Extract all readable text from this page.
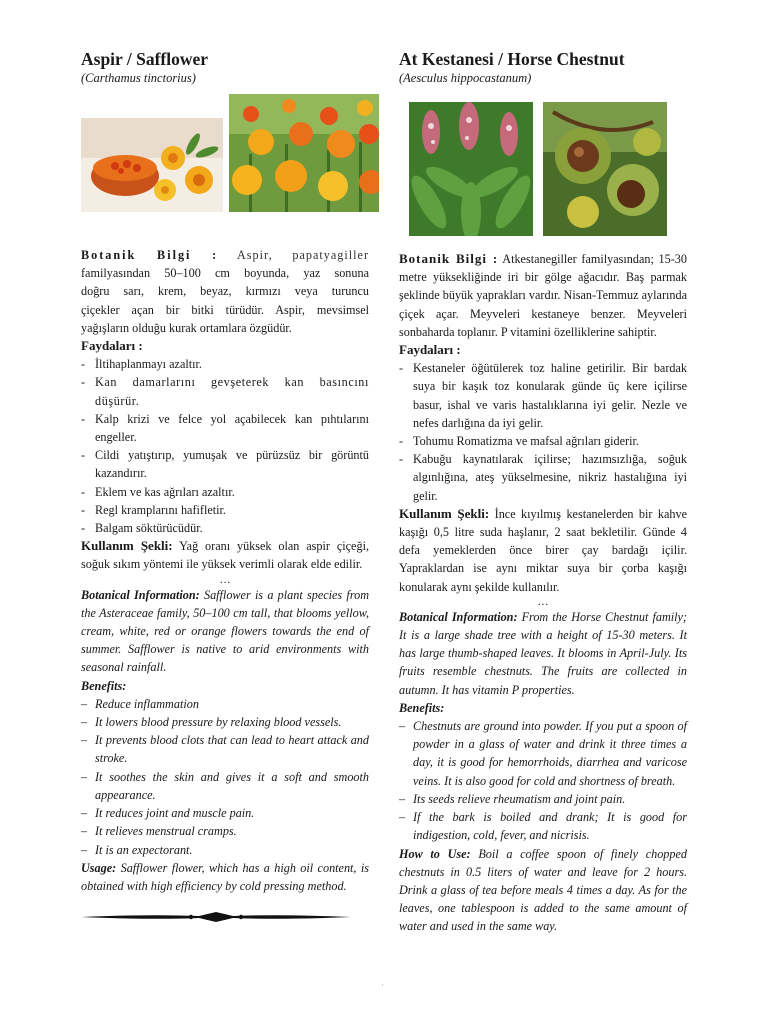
Aspir / Safflower

(Carthamus tinctorius)

Botanik Bilgi : Aspir, papatyagiller

familyasından 50–100 cm boyunda, yaz sonuna

doğru sarı, krem, beyaz, kırmızı veya turuncu

çiçekler açan bir bitki türüdür. Aspir, mevsimsel

yağışların olduğu kurak ortamlara özgüdür.

Faydaları :

- İltihaplanmayı azaltır.
- Kan damarlarını gevşeterek kan basıncını düşürür.
- Kalp krizi ve felce yol açabilecek kan pıhtılarını engeller.
- Cildi yatıştırıp, yumuşak ve pürüzsüz bir görüntü kazandırır.
- Eklem ve kas ağrıları azaltır.
- Regl kramplarını hafifletir.
- Balgam söktürücüdür.

Kullanım Şekli: Yağ oranı yüksek olan aspir çiçeği, soğuk sıkım yöntemi ile yüksek verimli olarak elde edilir.

…

Botanical Information: Safflower is a plant species from the Asteraceae family, 50–100 cm tall, that blooms yellow, cream, white, red or orange flowers towards the end of summer. Safflower is native to arid environments with seasonal rainfall.

Benefits:

– Reduce inflammation
– It lowers blood pressure by relaxing blood vessels.
– It prevents blood clots that can lead to heart attack and stroke.
– It soothes the skin and gives it a soft and smooth appearance.
– It reduces joint and muscle pain.
– It relieves menstrual cramps.
– It is an expectorant.

Usage: Safflower flower, which has a high oil content, is obtained with high efficiency by cold pressing method.

At Kestanesi / Horse Chestnut

(Aesculus hippocastanum)

Botanik Bilgi : Atkestanegiller familyasından; 15-30 metre yüksekliğinde iri bir gölge ağacıdır. Baş parmak şeklinde büyük yaprakları vardır. Nisan-Temmuz aylarında çiçek açar. Meyveleri kestaneye benzer. Meyveleri sonbaharda toplanır. P vitamini özelliklerine sahiptir.

Faydaları :

- Kestaneler öğütülerek toz haline getirilir. Bir bardak suya bir kaşık toz konularak günde üç kere içilirse basur, ishal ve varis hastalıklarına iyi gelir. Nezle ve nefes darlığına da iyi gelir.
- Tohumu Romatizma ve mafsal ağrıları giderir.
- Kabuğu kaynatılarak içilirse; hazımsızlığa, soğuk algınlığına, ateş yükselmesine, nikriz hastalığına iyi gelir.

Kullanım Şekli: İnce kıyılmış kestanelerden bir kahve kaşığı 0,5 litre suda haşlanır, 2 saat bekletilir. Günde 4 defa yemeklerden önce birer çay bardağı içilir. Yapraklardan ise aynı miktar suya bir çorba kaşığı konularak aynı şekilde kullanılır.

…

Botanical Information: From the Horse Chestnut family; It is a large shade tree with a height of 15-30 meters. It has large thumb-shaped leaves. It blooms in April-July. Its fruits resemble chestnuts. The fruits are collected in autumn. It has vitamin P properties.

Benefits:

– Chestnuts are ground into powder. If you put a spoon of powder in a glass of water and drink it three times a day, it is good for hemorrhoids, diarrhea and varicose veins. It is also good for cold and shortness of breath.
– Its seeds relieve rheumatism and joint pain.
– If the bark is boiled and drank; It is good for indigestion, cold, fever, and nicrisis.

How to Use: Boil a coffee spoon of finely chopped chestnuts in 0.5 liters of water and leave for 2 hours. Drink a glass of tea before meals 4 times a day. As for the leaves, one tablespoon is added to the same amount of water and used in the same way.

'
